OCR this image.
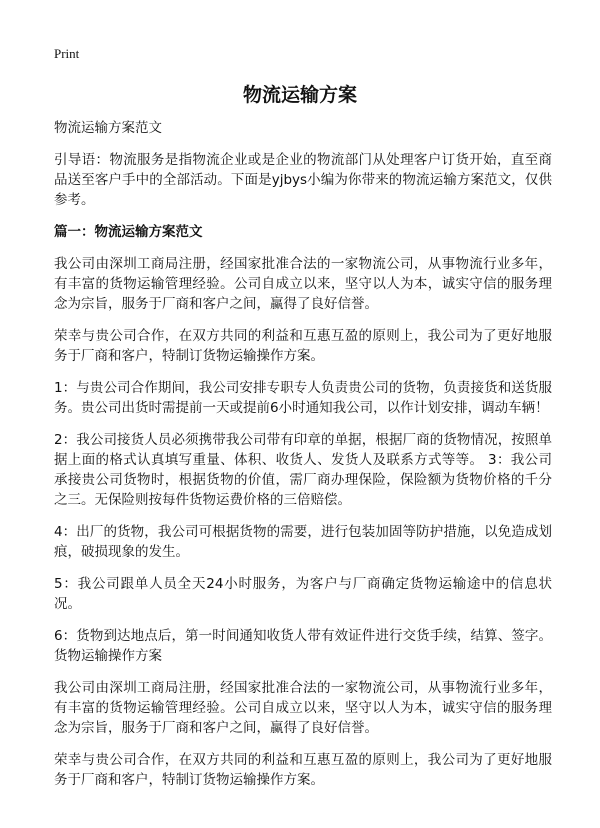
Print
物流运输方案

物流运输方案范文

引导语：物流服务是指物流企业或是企业的物流部门从处理客户订货开始，直至商品送至客户手中的全部活动。下面是yjbys小编为你带来的物流运输方案范文，仅供参考。

篇一：物流运输方案范文

我公司由深圳工商局注册，经国家批准合法的一家物流公司，从事物流行业多年，有丰富的货物运输管理经验。公司自成立以来，坚守以人为本，诚实守信的服务理念为宗旨，服务于厂商和客户之间，赢得了良好信誉。

荣幸与贵公司合作，在双方共同的利益和互惠互盈的原则上，我公司为了更好地服务于厂商和客户，特制订货物运输操作方案。

1：与贵公司合作期间，我公司安排专职专人负责贵公司的货物，负责接货和送货服务。贵公司出货时需提前一天或提前6小时通知我公司，以作计划安排，调动车辆！

2：我公司接货人员必须携带我公司带有印章的单据，根据厂商的货物情况，按照单据上面的格式认真填写重量、体积、收货人、发货人及联系方式等等。 3：我公司承接贵公司货物时，根据货物的价值，需厂商办理保险，保险额为货物价格的千分之三。无保险则按每件货物运费价格的三倍赔偿。

4：出厂的货物，我公司可根据货物的需要，进行包装加固等防护措施，以免造成划痕，破损现象的发生。

5：我公司跟单人员全天24小时服务，为客户与厂商确定货物运输途中的信息状况。

6：货物到达地点后，第一时间通知收货人带有效证件进行交货手续，结算、签字。货物运输操作方案

我公司由深圳工商局注册，经国家批准合法的一家物流公司，从事物流行业多年，有丰富的货物运输管理经验。公司自成立以来，坚守以人为本，诚实守信的服务理念为宗旨，服务于厂商和客户之间，赢得了良好信誉。

荣幸与贵公司合作，在双方共同的利益和互惠互盈的原则上，我公司为了更好地服务于厂商和客户，特制订货物运输操作方案。
